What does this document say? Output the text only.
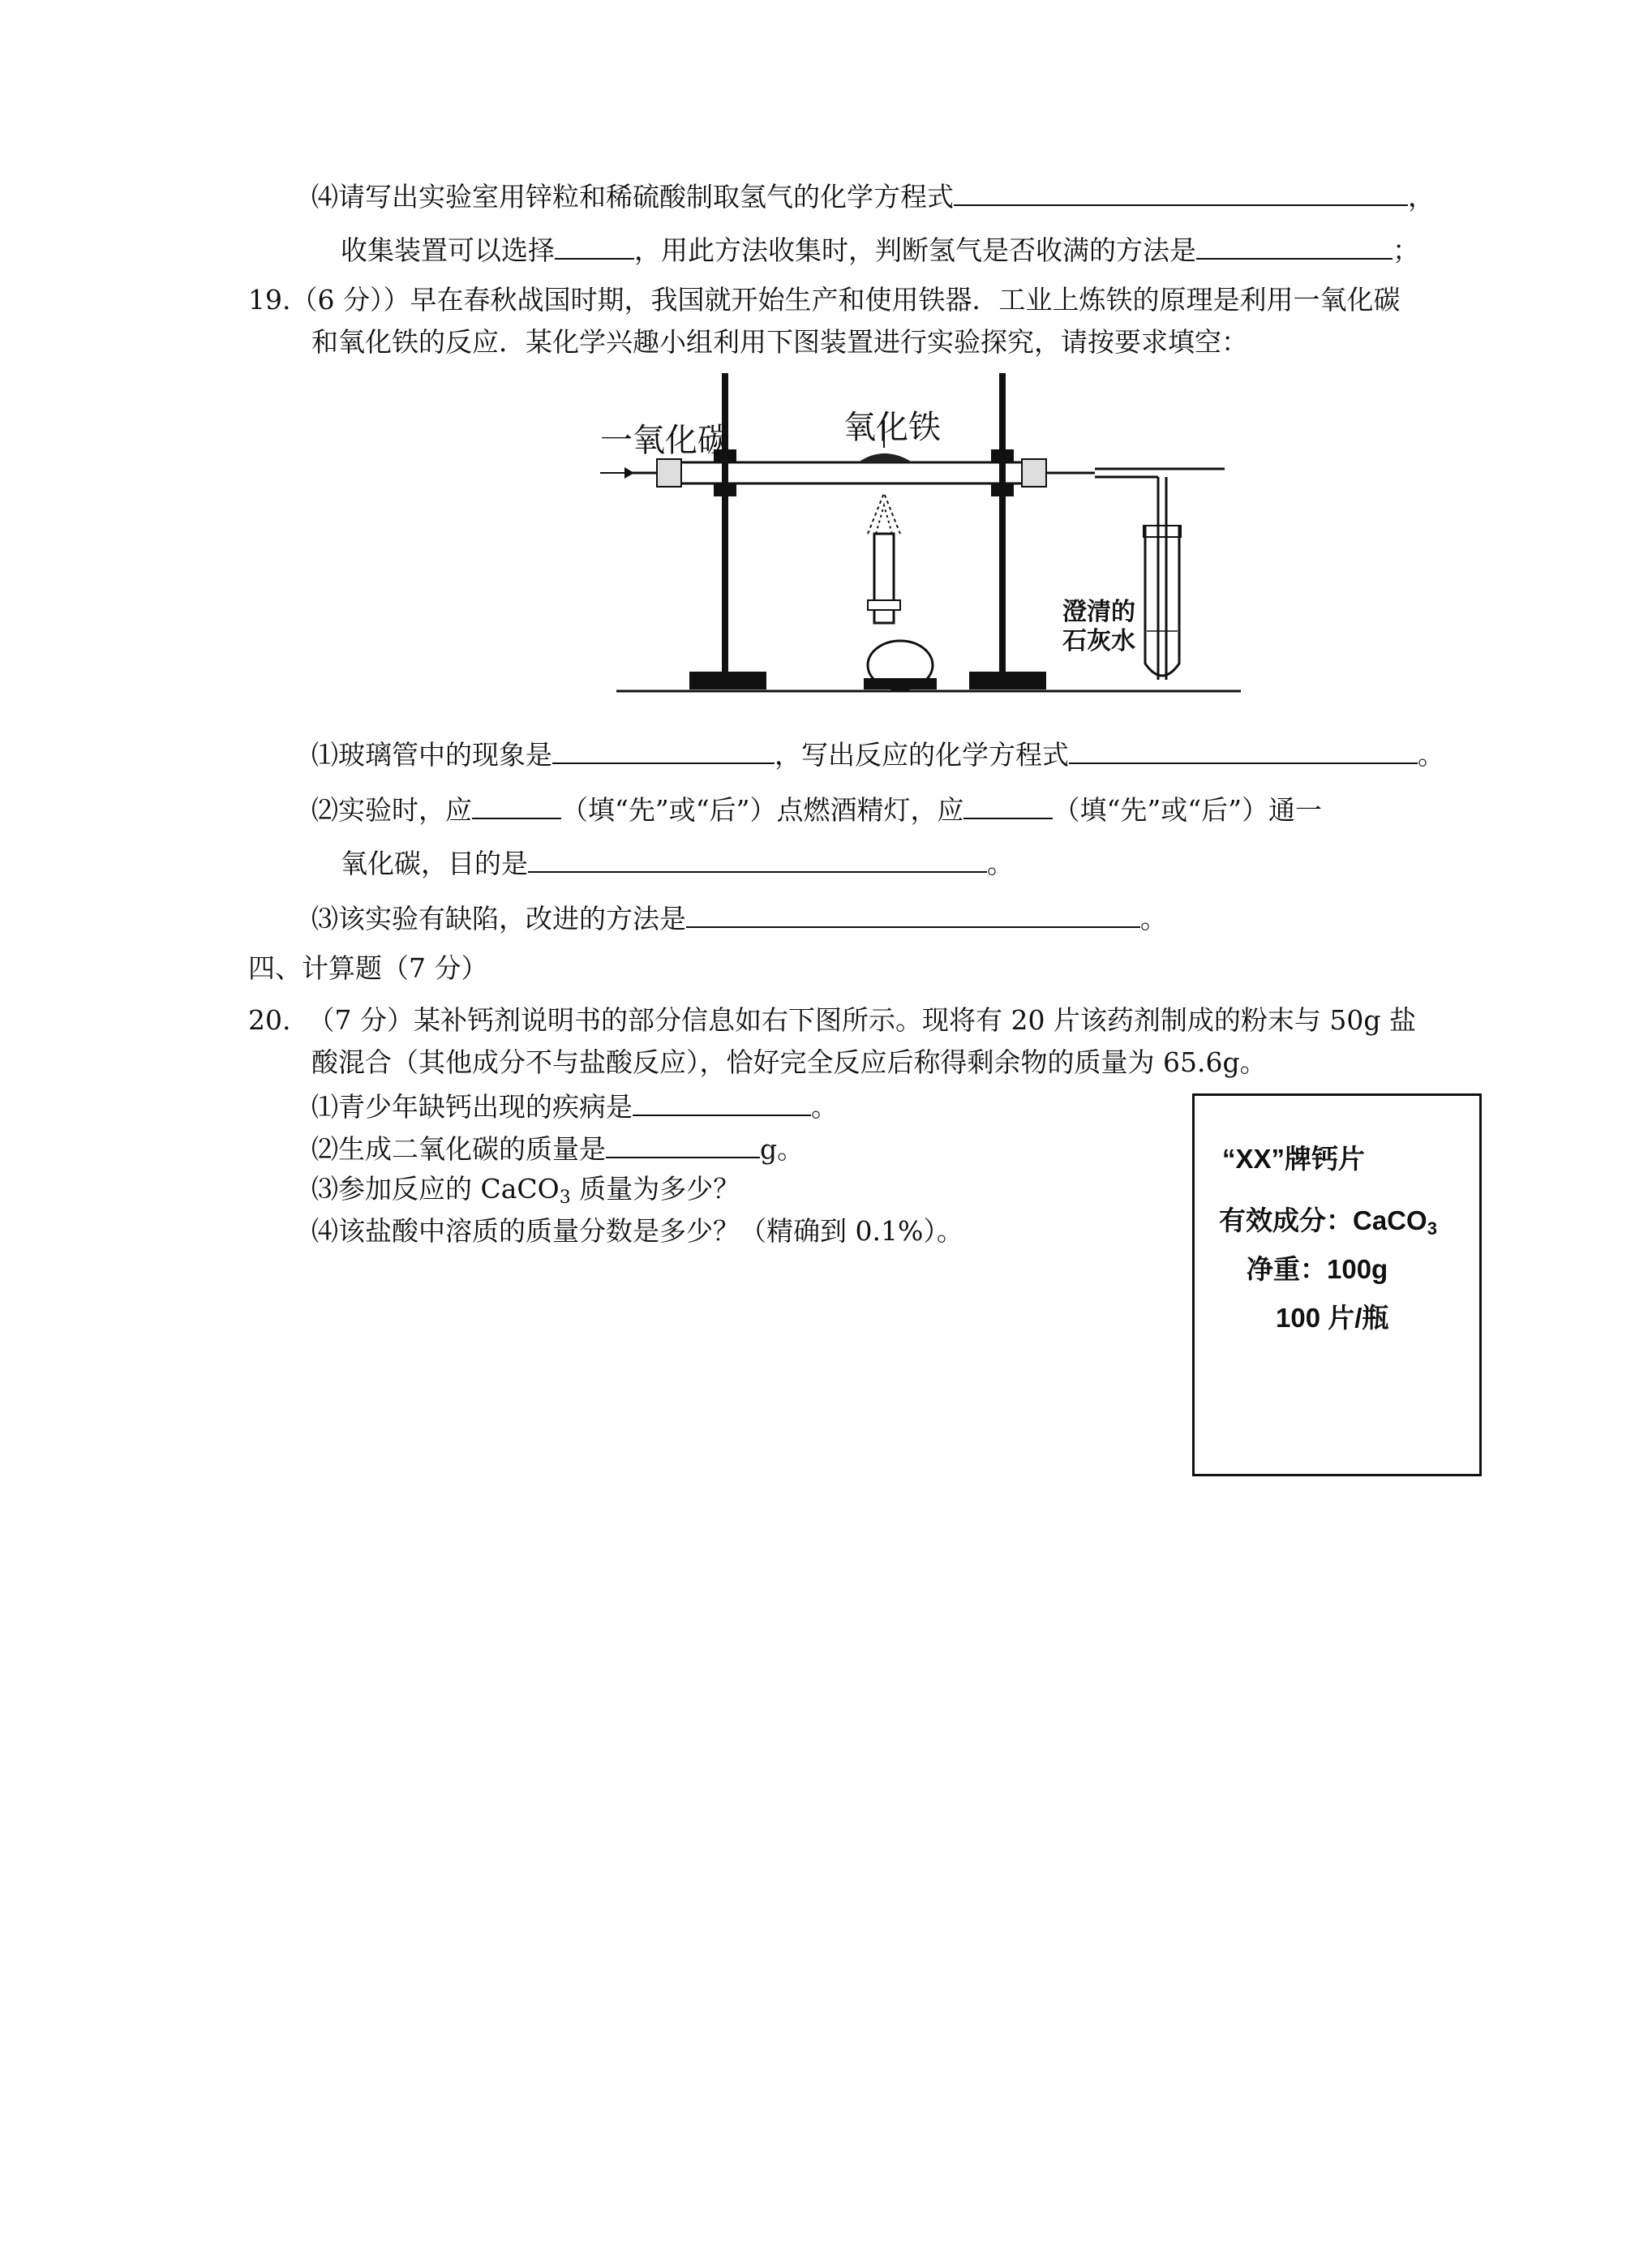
⑷请写出实验室用锌粒和稀硫酸制取氢气的化学方程式	，
收集装置可以选择	，用此方法收集时，判断氢气是否收满的方法是	；
19.（6 分））早在春秋战国时期，我国就开始生产和使用铁器．工业上炼铁的原理是利用一氧化碳
和氧化铁的反应．某化学兴趣小组利用下图装置进行实验探究，请按要求填空：
一氧化碳	氧化铁
澄清的
石灰水
⑴玻璃管中的现象是	，写出反应的化学方程式	。
⑵实验时，应	（填“先”或“后”）点燃酒精灯，应	（填“先”或“后”）通一
氧化碳，目的是	。
⑶该实验有缺陷，改进的方法是	。
四、计算题（7 分）
20. （7 分）某补钙剂说明书的部分信息如右下图所示。现将有 20 片该药剂制成的粉末与 50g 盐
酸混合（其他成分不与盐酸反应），恰好完全反应后称得剩余物的质量为 65.6g。
⑴青少年缺钙出现的疾病是	。
⑵生成二氧化碳的质量是	g。
⑶参加反应的 CaCO$_3$ 质量为多少？
⑷该盐酸中溶质的质量分数是多少？（精确到 0.1%）。
“XX”牌钙片
有效成分：CaCO$_3$
净重：100g
100 片/瓶
